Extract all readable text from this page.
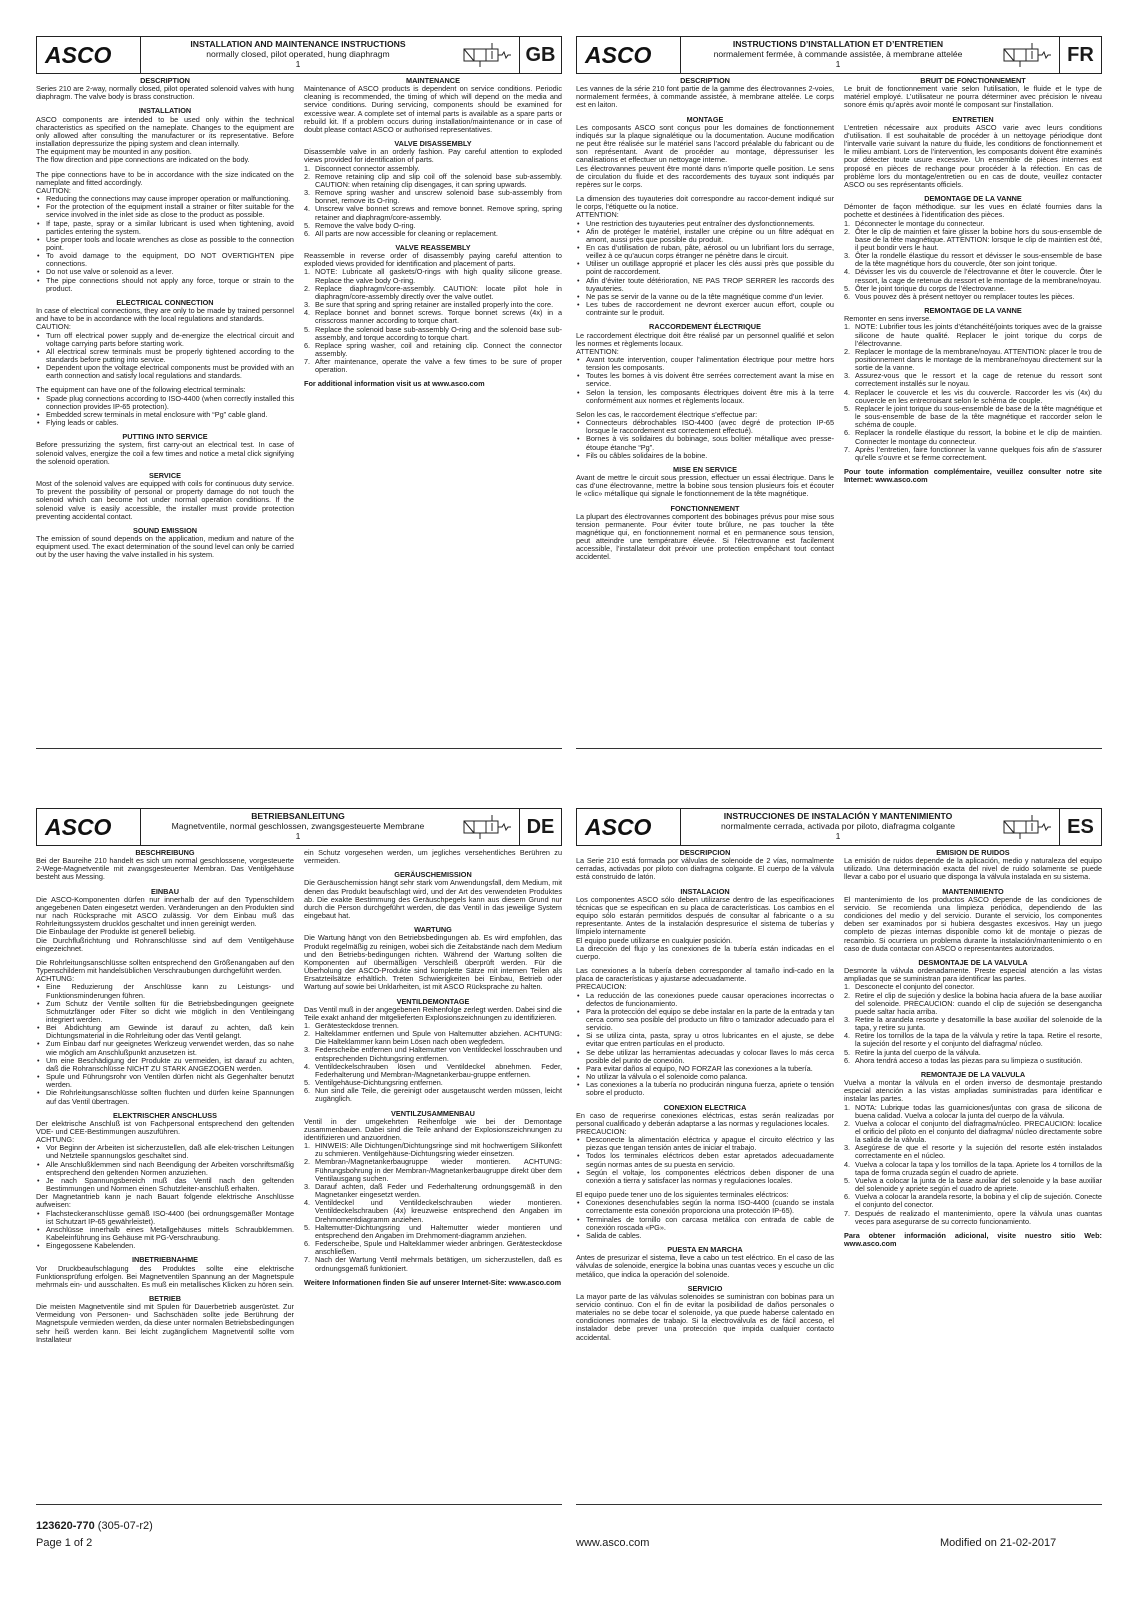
ASCO	INSTALLATION AND MAINTENANCE INSTRUCTIONS
normally closed, pilot operated, hung diaphragm
1	GB
DESCRIPTION
Series 210 are 2-way, normally closed, pilot operated solenoid valves with hung diaphragm. The valve body is brass construction.
INSTALLATION
ASCO components are intended to be used only within the technical characteristics as specified on the nameplate. Changes to the equipment are only allowed after consulting the manufacturer or its representative. Before installation depressurize the piping system and clean internally.
The equipment may be mounted in any position.
The flow direction and pipe connections are indicated on the body.
The pipe connections have to be in accordance with the size indicated on the nameplate and fitted accordingly.
CAUTION:
• Reducing the connections may cause improper operation or malfunctioning.
• For the protection of the equipment install a strainer or filter suitable for the service involved in the inlet side as close to the product as possible.
• If tape, paste, spray or a similar lubricant is used when tightening, avoid particles entering the system.
• Use proper tools and locate wrenches as close as possible to the connection point.
• To avoid damage to the equipment, DO NOT OVERTIGHTEN pipe connections.
• Do not use valve or solenoid as a lever.
• The pipe connections should not apply any force, torque or strain to the product.
ELECTRICAL CONNECTION
In case of electrical connections, they are only to be made by trained personnel and have to be in accordance with the local regulations and standards.
CAUTION:
• Turn off electrical power supply and de-energize the electrical circuit and voltage carrying parts before starting work.
• All electrical screw terminals must be properly tightened according to the standards before putting into service.
• Dependent upon the voltage electrical components must be provided with an earth connection and satisfy local regulations and standards.
The equipment can have one of the following electrical terminals:
• Spade plug connections according to ISO-4400 (when correctly installed this connection provides IP-65 protection).
• Embedded screw terminals in metal enclosure with “Pg” cable gland.
• Flying leads or cables.
PUTTING INTO SERVICE
Before pressurizing the system, first carry-out an electrical test. In case of solenoid valves, energize the coil a few times and notice a metal click signifying the solenoid operation.
SERVICE
Most of the solenoid valves are equipped with coils for continuous duty service. To prevent the possibility of personal or property damage do not touch the solenoid which can become hot under normal operation conditions. If the solenoid valve is easily accessible, the installer must provide protection preventing accidental contact.
SOUND EMISSION
The emission of sound depends on the application, medium and nature of the equipment used. The exact determination of the sound level can only be carried out by the user having the valve installed in his system.
MAINTENANCE
Maintenance of ASCO products is dependent on service conditions. Periodic cleaning is recommended, the timing of which will depend on the media and service conditions. During servicing, components should be examined for excessive wear. A complete set of internal parts is available as a spare parts or rebuild kit. If a problem occurs during installation/maintenance or in case of doubt please contact ASCO or authorised representatives.
VALVE DISASSEMBLY
Disassemble valve in an orderly fashion. Pay careful attention to exploded views provided for identification of parts.
1. Disconnect connector assembly.
2. Remove retaining clip and slip coil off the solenoid base sub-assembly. CAUTION: when retaining clip disengages, it can spring upwards.
3. Remove spring washer and unscrew solenoid base sub-assembly from bonnet, remove its O-ring.
4. Unscrew valve bonnet screws and remove bonnet. Remove spring, spring retainer and diaphragm/core-assembly.
5. Remove the valve body O-ring.
6. All parts are now accessible for cleaning or replacement.
VALVE REASSEMBLY
Reassemble in reverse order of disassembly paying careful attention to exploded views provided for identification and placement of parts.
1. NOTE: Lubricate all gaskets/O-rings with high quality silicone grease. Replace the valve body O-ring.
2. Replace diaphragm/core-assembly. CAUTION: locate pilot hole in diaphragm/core-assembly directly over the valve outlet.
3. Be sure that spring and spring retainer are installed properly into the core.
4. Replace bonnet and bonnet screws. Torque bonnet screws (4x) in a crisscross manner according to torque chart.
5. Replace the solenoid base sub-assembly O-ring and the solenoid base sub-assembly, and torque according to torque chart.
6. Replace spring washer, coil and retaining clip. Connect the connector assembly.
7. After maintenance, operate the valve a few times to be sure of proper operation.
For additional information visit us at www.asco.com
ASCO	INSTRUCTIONS D’INSTALLATION ET D’ENTRETIEN
normalement fermée, à commande assistée, à membrane attelée
1	FR
DESCRIPTION
Les vannes de la série 210 font partie de la gamme des électrovannes 2-voies, normalement fermées, à commande assistée, à membrane attelée. Le corps est en laiton.
MONTAGE
Les composants ASCO sont conçus pour les domaines de fonctionnement indiqués sur la plaque signalétique ou la documentation. Aucune modification ne peut être réalisée sur le matériel sans l’accord préalable du fabricant ou de son représentant. Avant de procéder au montage, dépressuriser les canalisations et effectuer un nettoyage interne.
Les électrovannes peuvent être monté dans n’importe quelle position. Le sens de circulation du fluide et des raccordements des tuyaux sont indiqués par repères sur le corps.
La dimension des tuyauteries doit correspondre au raccor-dement indiqué sur le corps, l’étiquette ou la notice.
ATTENTION:
• Une restriction des tuyauteries peut entraîner des dysfonctionnements.
• Afin de protéger le matériel, installer une crépine ou un filtre adéquat en amont, aussi près que possible du produit.
• En cas d’utilisation de ruban, pâte, aérosol ou un lubrifiant lors du serrage, veillez à ce qu’aucun corps étranger ne pénètre dans le circuit.
• Utiliser un outillage approprié et placer les clés aussi près que possible du point de raccordement.
• Afin d’éviter toute détérioration, NE PAS TROP SERRER les raccords des tuyauteries.
• Ne pas se servir de la vanne ou de la tête magnétique comme d’un levier.
• Les tubes de raccordement ne devront exercer aucun effort, couple ou contrainte sur le produit.
RACCORDEMENT ÉLECTRIQUE
Le raccordement électrique doit être réalisé par un personnel qualifié et selon les normes et règlements locaux.
ATTENTION:
• Avant toute intervention, couper l’alimentation électrique pour mettre hors tension les composants.
• Toutes les bornes à vis doivent être serrées correctement avant la mise en service.
• Selon la tension, les composants électriques doivent être mis à la terre conformément aux normes et règlements locaux.
Selon les cas, le raccordement électrique s’effectue par:
• Connecteurs débrochables ISO-4400 (avec degré de protection IP-65 lorsque le raccordement est correctement effectué).
• Bornes à vis solidaires du bobinage, sous boîtier métallique avec presse-étoupe étanche “Pg”.
• Fils ou câbles solidaires de la bobine.
MISE EN SERVICE
Avant de mettre le circuit sous pression, effectuer un essai électrique. Dans le cas d’une électrovanne, mettre la bobine sous tension plusieurs fois et écouter le «clic» métallique qui signale le fonctionnement de la tête magnétique.
FONCTIONNEMENT
La plupart des électrovannes comportent des bobinages prévus pour mise sous tension permanente. Pour éviter toute brûlure, ne pas toucher la tête magnétique qui, en fonctionnement normal et en permanence sous tension, peut atteindre une température élevée. Si l’électrovanne est facilement accessible, l’installateur doit prévoir une protection empêchant tout contact accidentel.
BRUIT DE FONCTIONNEMENT
Le bruit de fonctionnement varie selon l’utilisation, le fluide et le type de matériel employé. L’utilisateur ne pourra déterminer avec précision le niveau sonore émis qu’après avoir monté le composant sur l’installation.
ENTRETIEN
L’entretien nécessaire aux produits ASCO varie avec leurs conditions d’utilisation. Il est souhaitable de procéder à un nettoyage périodique dont l’intervalle varie suivant la nature du fluide, les conditions de fonctionnement et le milieu ambiant. Lors de l’intervention, les composants doivent être examinés pour détecter toute usure excessive. Un ensemble de pièces internes est proposé en pièces de rechange pour procéder à la réfection. En cas de problème lors du montage/entretien ou en cas de doute, veuillez contacter ASCO ou ses représentants officiels.
DEMONTAGE DE LA VANNE
Démonter de façon méthodique. sur les vues en éclaté fournies dans la pochette et destinées à l’identification des pièces.
1. Déconnecter le montage du connecteur.
2. Ôter le clip de maintien et faire glisser la bobine hors du sous-ensemble de base de la tête magnétique. ATTENTION: lorsque le clip de maintien est ôté, il peut bondir vers le haut.
3. Ôter la rondelle élastique du ressort et dévisser le sous-ensemble de base de la tête magnétique hors du couvercle, ôter son joint torique.
4. Dévisser les vis du couvercle de l’électrovanne et ôter le couvercle. Ôter le ressort, la cage de retenue du ressort et le montage de la membrane/noyau.
5. Ôter le joint torique du corps de l’électrovanne.
6. Vous pouvez dès à présent nettoyer ou remplacer toutes les pièces.
REMONTAGE DE LA VANNE
Remonter en sens inverse.
1. NOTE: Lubrifier tous les joints d’étanchéité/joints toriques avec de la graisse silicone de haute qualité. Replacer le joint torique du corps de l’électrovanne.
2. Replacer le montage de la membrane/noyau. ATTENTION: placer le trou de positionnement dans le montage de la membrane/noyau directement sur la sortie de la vanne.
3. Assurez-vous que le ressort et la cage de retenue du ressort sont correctement installés sur le noyau.
4. Replacer le couvercle et les vis du couvercle. Raccorder les vis (4x) du couvercle en les entrecroisant selon le schéma de couple.
5. Replacer le joint torique du sous-ensemble de base de la tête magnétique et le sous-ensemble de base de la tête magnétique et raccorder selon le schéma de couple.
6. Replacer la rondelle élastique du ressort, la bobine et le clip de maintien. Connecter le montage du connecteur.
7. Après l’entretien, faire fonctionner la vanne quelques fois afin de s’assurer qu’elle s’ouvre et se ferme correctement.
Pour toute information complémentaire, veuillez consulter notre site Internet: www.asco.com
ASCO	BETRIEBSANLEITUNG
Magnetventile, normal geschlossen, zwangsgesteuerte Membrane
1	DE
BESCHREIBUNG
Bei der Baureihe 210 handelt es sich um normal geschlossene, vorgesteuerte 2-Wege-Magnetventile mit zwangsgesteuerter Membran. Das Ventilgehäuse besteht aus Messing.
EINBAU
Die ASCO-Komponenten dürfen nur innerhalb der auf den Typenschildern angegebenen Daten eingesetzt werden. Veränderungen an den Produkten sind nur nach Rücksprache mit ASCO zulässig. Vor dem Einbau muß das Rohrleitungssystem drucklos geschaltet und innen gereinigt werden.
Die Einbaulage der Produkte ist generell beliebig.
Die Durchflußrichtung und Rohranschlüsse sind auf dem Ventilgehäuse eingezeichnet.
Die Rohrleitungsanschlüsse sollten entsprechend den Größenangaben auf den Typenschildern mit handelsüblichen Verschraubungen durchgeführt werden.
ACHTUNG:
• Eine Reduzierung der Anschlüsse kann zu Leistungs- und Funktionsminderungen führen.
• Zum Schutz der Ventile sollten für die Betriebsbedingungen geeignete Schmutzfänger oder Filter so dicht wie möglich in den Ventileingang integriert werden.
• Bei Abdichtung am Gewinde ist darauf zu achten, daß kein Dichtungsmaterial in die Rohrleitung oder das Ventil gelangt.
• Zum Einbau darf nur geeignetes Werkzeug verwendet werden, das so nahe wie möglich am Anschlußpunkt anzusetzen ist.
• Um eine Beschädigung der Produkte zu vermeiden, ist darauf zu achten, daß die Rohranschlüsse NICHT ZU STARK ANGEZOGEN werden.
• Spule und Führungsrohr von Ventilen dürfen nicht als Gegenhalter benutzt werden.
• Die Rohrleitungsanschlüsse sollten fluchten und dürfen keine Spannungen auf das Ventil übertragen.
ELEKTRISCHER ANSCHLUSS
Der elektrische Anschluß ist von Fachpersonal entsprechend den geltenden VDE- und CEE-Bestimmungen auszuführen.
ACHTUNG:
• Vor Beginn der Arbeiten ist sicherzustellen, daß alle elek-trischen Leitungen und Netzteile spannungslos geschaltet sind.
• Alle Anschlußklemmen sind nach Beendigung der Arbeiten vorschriftsmäßig entsprechend den geltenden Normen anzuziehen.
• Je nach Spannungsbereich muß das Ventil nach den geltenden Bestimmungen und Normen einen Schutzleiter-anschluß erhalten.
Der Magnetantrieb kann je nach Bauart folgende elektrische Anschlüsse aufweisen:
• Flachsteckeranschlüsse gemäß ISO-4400 (bei ordnungsgemäßer Montage ist Schutzart IP-65 gewährleistet).
• Anschlüsse innerhalb eines Metallgehäuses mittels Schraubklemmen. Kabeleinführung ins Gehäuse mit PG-Verschraubung.
• Eingegossene Kabelenden.
INBETRIEBNAHME
Vor Druckbeaufschlagung des Produktes sollte eine elektrische Funktionsprüfung erfolgen. Bei Magnetventilen Spannung an der Magnetspule mehrmals ein- und ausschalten. Es muß ein metallisches Klicken zu hören sein.
BETRIEB
Die meisten Magnetventile sind mit Spulen für Dauerbetrieb ausgerüstet. Zur Vermeidung von Personen- und Sachschäden sollte jede Berührung der Magnetspule vermieden werden, da diese unter normalen Betriebsbedingungen sehr heiß werden kann. Bei leicht zugänglichem Magnetventil sollte vom Installateur
ein Schutz vorgesehen werden, um jegliches versehentliches Berühren zu vermeiden.
GERÄUSCHEMISSION
Die Geräuschemission hängt sehr stark vom Anwendungsfall, dem Medium, mit denen das Produkt beaufschlagt wird, und der Art des verwendeten Produktes ab. Die exakte Bestimmung des Geräuschpegels kann aus diesem Grund nur durch die Person durchgeführt werden, die das Ventil in das jeweilige System eingebaut hat.
WARTUNG
Die Wartung hängt von den Betriebsbedingungen ab. Es wird empfohlen, das Produkt regelmäßig zu reinigen, wobei sich die Zeitabstände nach dem Medium und den Betriebs-bedingungen richten. Während der Wartung sollten die Komponenten auf übermäßigen Verschleiß überprüft werden. Für die Überholung der ASCO-Produkte sind komplette Sätze mit internen Teilen als Ersatzteilsätze erhältlich. Treten Schwierigkeiten bei Einbau, Betrieb oder Wartung auf sowie bei Unklarheiten, ist mit ASCO Rücksprache zu halten.
VENTILDEMONTAGE
Das Ventil muß in der angegebenen Reihenfolge zerlegt werden. Dabei sind die Teile exakt anhand der mitgelieferten Explosionszeichnungen zu identifizieren.
1. Gerätesteckdose trennen.
2. Halteklammer entfernen und Spule von Haltemutter abziehen. ACHTUNG: Die Halteklammer kann beim Lösen nach oben wegfedern.
3. Federscheibe entfernen und Haltemutter von Ventildeckel losschrauben und entsprechenden Dichtungsring entfernen.
4. Ventildeckelschrauben lösen und Ventildeckel abnehmen. Feder, Federhalterung und Membran-/Magnetankerbau-gruppe entfernen.
5. Ventilgehäuse-Dichtungsring entfernen.
6. Nun sind alle Teile, die gereinigt oder ausgetauscht werden müssen, leicht zugänglich.
VENTILZUSAMMENBAU
Ventil in der umgekehrten Reihenfolge wie bei der Demontage zusammenbauen. Dabei sind die Teile anhand der Explosionszeichnungen zu identifizieren und anzuordnen.
1. HINWEIS: Alle Dichtungen/Dichtungsringe sind mit hochwertigem Silikonfett zu schmieren. Ventilgehäuse-Dichtungsring wieder einsetzen.
2. Membran-/Magnetankerbaugruppe wieder montieren. ACHTUNG: Führungsbohrung in der Membran-/Magnetankerbaugruppe direkt über dem Ventilausgang suchen.
3. Darauf achten, daß Feder und Federhalterung ordnungsgemäß in den Magnetanker eingesetzt werden.
4. Ventildeckel und Ventildeckelschrauben wieder montieren. Ventildeckelschrauben (4x) kreuzweise entsprechend den Angaben im Drehmomentdiagramm anziehen.
5. Haltemutter-Dichtungsring und Haltemutter wieder montieren und entsprechend den Angaben im Drehmoment-diagramm anziehen.
6. Federscheibe, Spule und Halteklammer wieder anbringen. Gerätesteckdose anschließen.
7. Nach der Wartung Ventil mehrmals betätigen, um sicherzustellen, daß es ordnungsgemäß funktioniert.
Weitere Informationen finden Sie auf unserer Internet-Site: www.asco.com
ASCO	INSTRUCCIONES DE INSTALACIÓN Y MANTENIMIENTO
normalmente cerrada, activada por piloto, diafragma colgante
1	ES
DESCRIPCION
La Serie 210 está formada por válvulas de solenoide de 2 vías, normalmente cerradas, activadas por piloto con diafragma colgante. El cuerpo de la válvula está construido de latón.
INSTALACION
Los componentes ASCO sólo deben utilizarse dentro de las especificaciones técnicas que se especifican en su placa de características. Los cambios en el equipo sólo estarán permitidos después de consultar al fabricante o a su representante. Antes de la instalación despresurice el sistema de tuberías y límpielo internamente
El equipo puede utilizarse en cualquier posición.
La dirección del flujo y las conexiones de la tubería están indicadas en el cuerpo.
Las conexiones a la tubería deben corresponder al tamaño indi-cado en la placa de características y ajustarse adecuadamente.
PRECAUCION:
• La reducción de las conexiones puede causar operaciones incorrectas o defectos de funcionamiento.
• Para la protección del equipo se debe instalar en la parte de la entrada y tan cerca como sea posible del producto un filtro o tamizador adecuado para el servicio.
• Si se utiliza cinta, pasta, spray u otros lubricantes en el ajuste, se debe evitar que entren partículas en el producto.
• Se debe utilizar las herramientas adecuadas y colocar llaves lo más cerca posible del punto de conexión.
• Para evitar daños al equipo, NO FORZAR las conexiones a la tubería.
• No utilizar la válvula o el solenoide como palanca.
• Las conexiones a la tubería no producirán ninguna fuerza, apriete o tensión sobre el producto.
CONEXION ELECTRICA
En caso de requerirse conexiones eléctricas, estas serán realizadas por personal cualificado y deberán adaptarse a las normas y regulaciones locales.
PRECAUCION:
• Desconecte la alimentación eléctrica y apague el circuito eléctrico y las piezas que tengan tensión antes de iniciar el trabajo.
• Todos los terminales eléctricos deben estar apretados adecuadamente según normas antes de su puesta en servicio.
• Según el voltaje, los componentes eléctricos deben disponer de una conexión a tierra y satisfacer las normas y regulaciones locales.
El equipo puede tener uno de los siguientes terminales eléctricos:
• Conexiones desenchufables según la norma ISO-4400 (cuando se instala correctamente esta conexión proporciona una protección IP-65).
• Terminales de tornillo con carcasa metálica con entrada de cable de conexión roscada «PG».
• Salida de cables.
PUESTA EN MARCHA
Antes de presurizar el sistema, lleve a cabo un test eléctrico. En el caso de las válvulas de solenoide, energice la bobina unas cuantas veces y escuche un clic metálico, que indica la operación del solenoide.
SERVICIO
La mayor parte de las válvulas solenoides se suministran con bobinas para un servicio continuo. Con el fin de evitar la posibilidad de daños personales o materiales no se debe tocar el solenoide, ya que puede haberse calentado en condiciones normales de trabajo. Si la electroválvula es de fácil acceso, el instalador debe prever una protección que impida cualquier contacto accidental.
EMISION DE RUIDOS
La emisión de ruidos depende de la aplicación, medio y naturaleza del equipo utilizado. Una determinación exacta del nivel de ruido solamente se puede llevar a cabo por el usuario que disponga la válvula instalada en su sistema.
MANTENIMIENTO
El mantenimiento de los productos ASCO depende de las condiciones de servicio. Se recomienda una limpieza periódica, dependiendo de las condiciones del medio y del servicio. Durante el servicio, los componentes deben ser examinados por si hubiera desgastes excesivos. Hay un juego completo de piezas internas disponible como kit de montaje o piezas de recambio. Si ocurriera un problema durante la instalación/mantenimiento o en caso de duda contactar con ASCO o representantes autorizados.
DESMONTAJE DE LA VALVULA
Desmonte la válvula ordenadamente. Preste especial atención a las vistas ampliadas que se suministran para identificar las partes.
1. Desconecte el conjunto del conector.
2. Retire el clip de sujeción y deslice la bobina hacia afuera de la base auxiliar del solenoide. PRECAUCION: cuando el clip de sujeción se desengancha puede saltar hacia arriba.
3. Retire la arandela resorte y desatornille la base auxiliar del solenoide de la tapa, y retire su junta.
4. Retire los tornillos de la tapa de la válvula y retire la tapa. Retire el resorte, la sujeción del resorte y el conjunto del diafragma/ núcleo.
5. Retire la junta del cuerpo de la válvula.
6. Ahora tendrá acceso a todas las piezas para su limpieza o sustitución.
REMONTAJE DE LA VALVULA
Vuelva a montar la válvula en el orden inverso de desmontaje prestando especial atención a las vistas ampliadas suministradas para identificar e instalar las partes.
1. NOTA: Lubrique todas las guarniciones/juntas con grasa de silicona de buena calidad. Vuelva a colocar la junta del cuerpo de la válvula.
2. Vuelva a colocar el conjunto del diafragma/núcleo. PRECAUCION: localice el orificio del piloto en el conjunto del diafragma/ núcleo directamente sobre la salida de la válvula.
3. Asegúrese de que el resorte y la sujeción del resorte estén instalados correctamente en el núcleo.
4. Vuelva a colocar la tapa y los tornillos de la tapa. Apriete los 4 tornillos de la tapa de forma cruzada según el cuadro de apriete.
5. Vuelva a colocar la junta de la base auxiliar del solenoide y la base auxiliar del solenoide y apriete según el cuadro de apriete.
6. Vuelva a colocar la arandela resorte, la bobina y el clip de sujeción. Conecte el conjunto del conector.
7. Después de realizado el mantenimiento, opere la válvula unas cuantas veces para asegurarse de su correcto funcionamiento.
Para obtener información adicional, visite nuestro sitio Web: www.asco.com
123620-770 (305-07-r2)
Page 1 of 2	www.asco.com	Modified on 21-02-2017
